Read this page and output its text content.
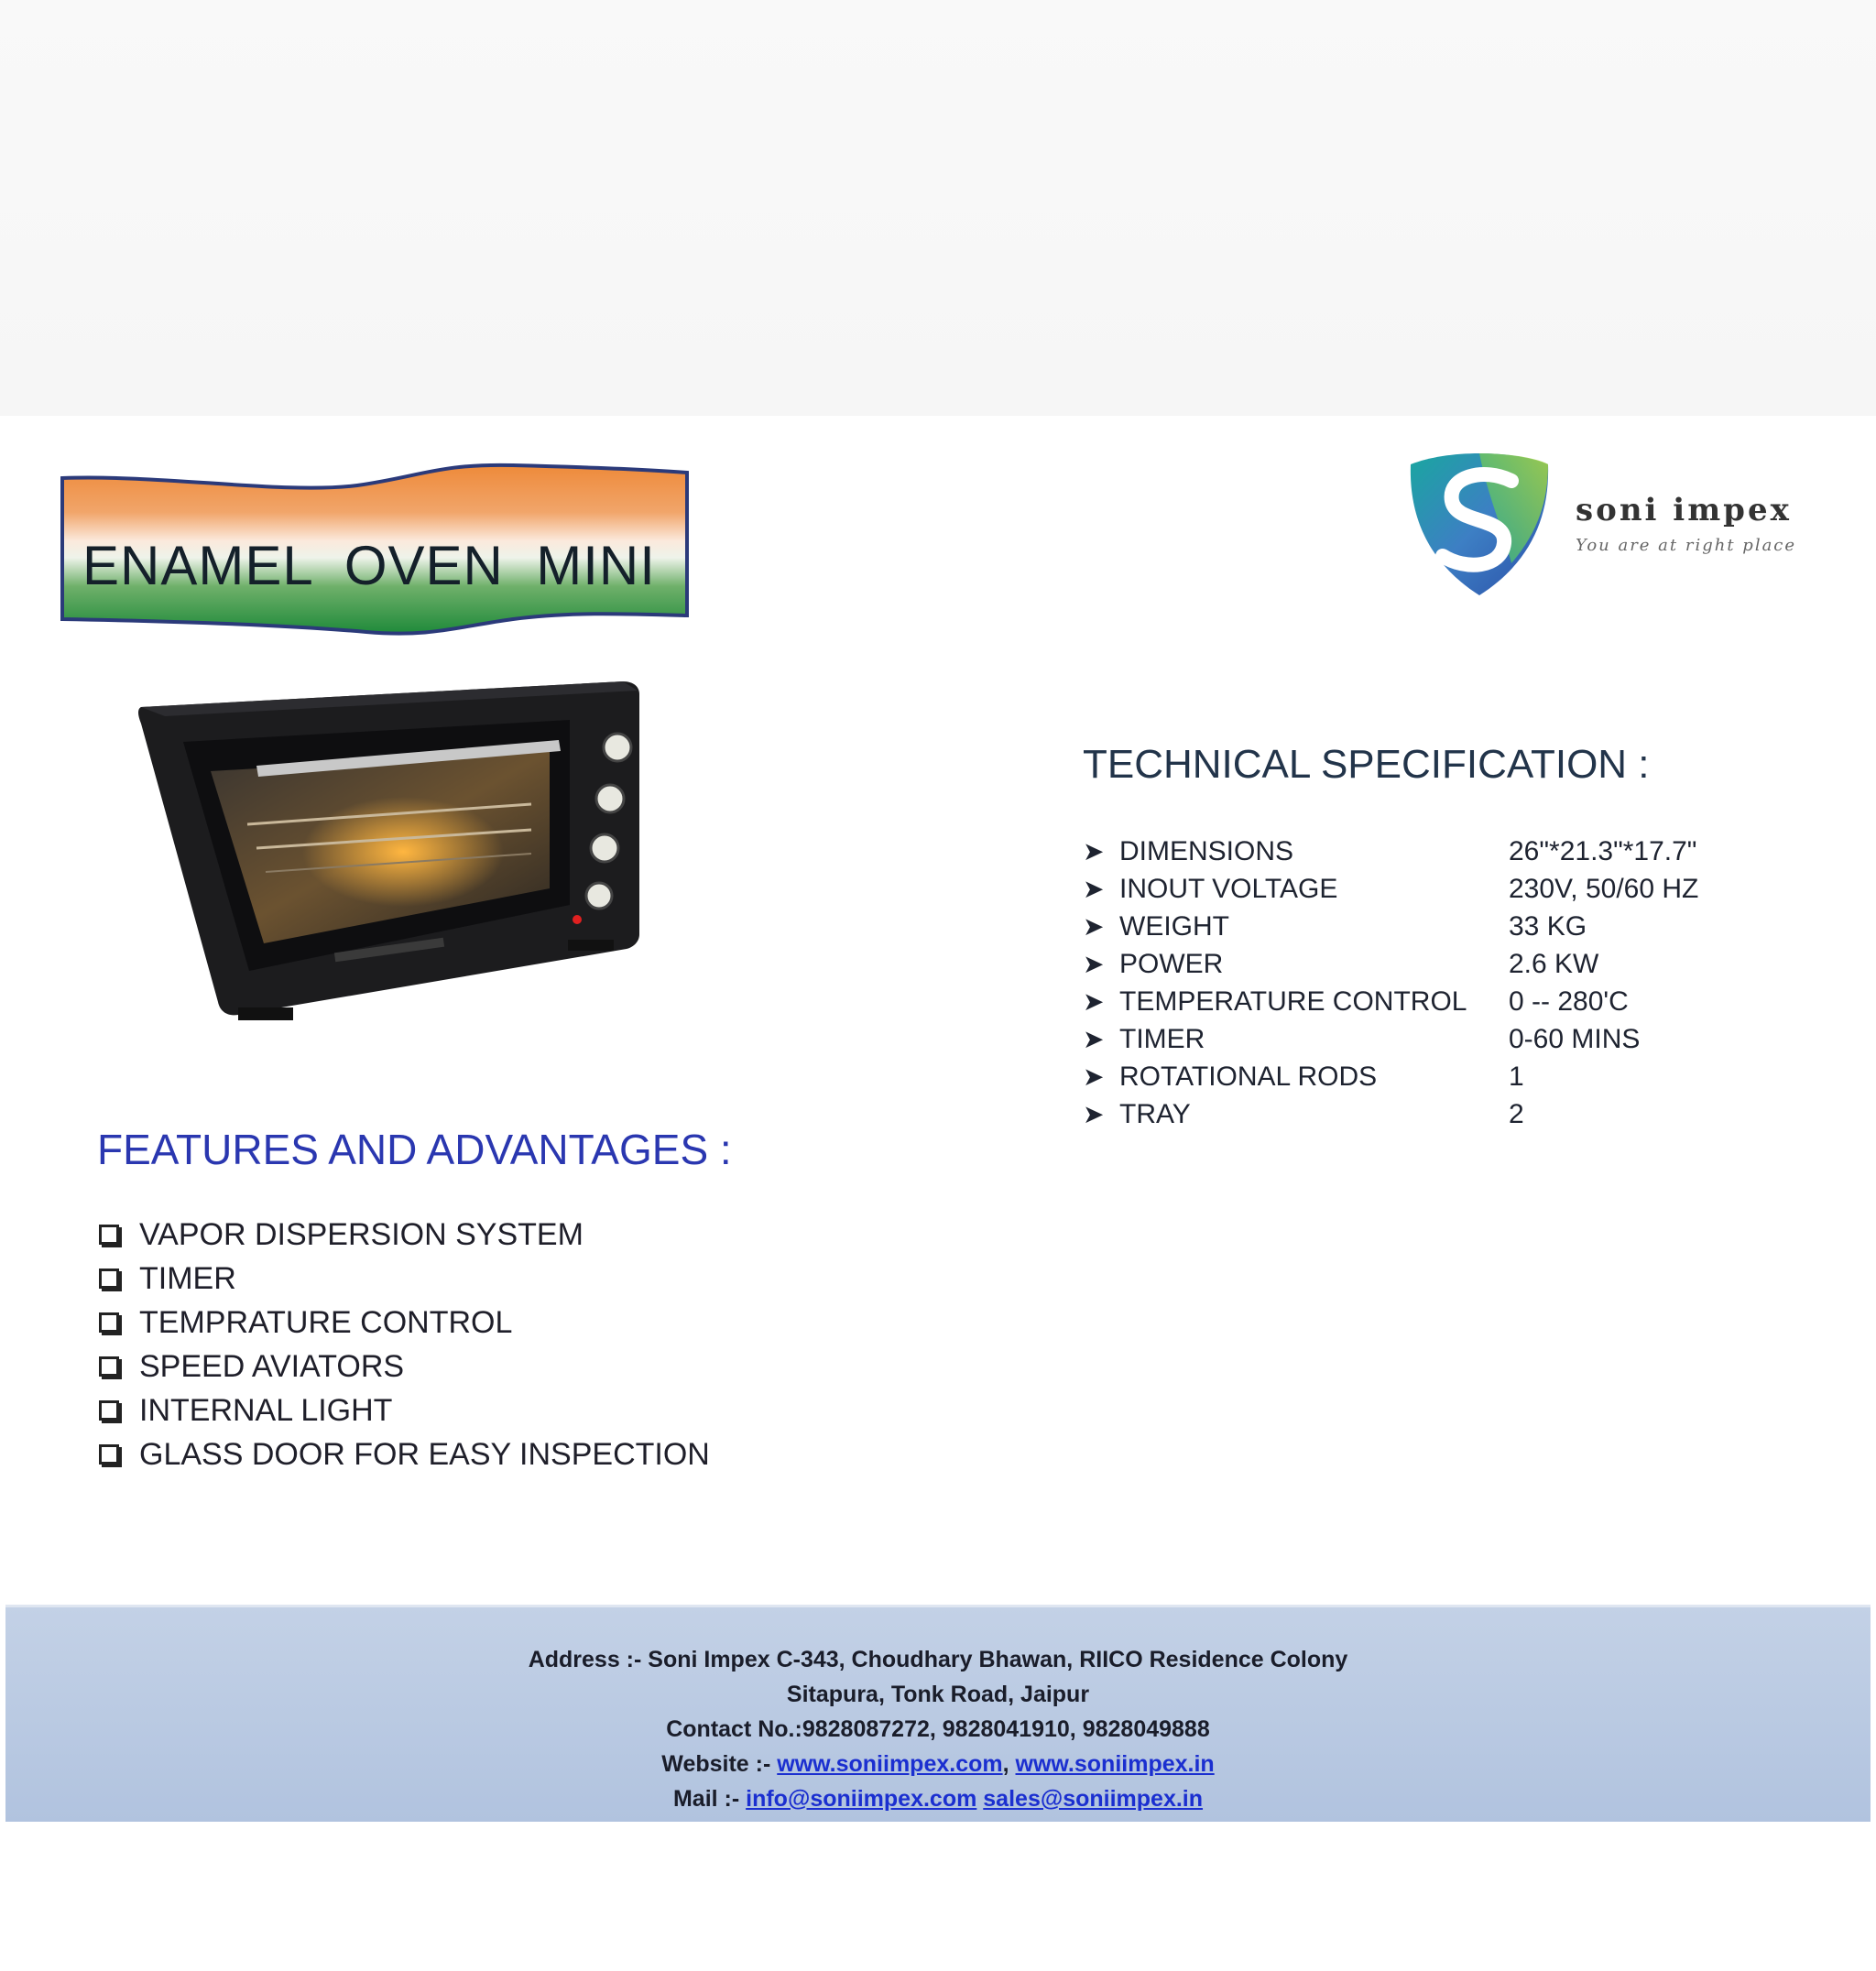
ENAMEL  OVEN  MINI
soni impex
You are at right place
FEATURES AND ADVANTAGES :
VAPOR DISPERSION SYSTEM
TIMER
TEMPRATURE CONTROL
SPEED AVIATORS
INTERNAL LIGHT
GLASS DOOR FOR EASY INSPECTION
TECHNICAL SPECIFICATION :
➤ DIMENSIONS	26"*21.3"*17.7"
➤ INOUT VOLTAGE	230V, 50/60 HZ
➤ WEIGHT	33 KG
➤ POWER	2.6 KW
➤ TEMPERATURE CONTROL 0 -- 280'C
➤ TIMER	0-60 MINS
➤ ROTATIONAL RODS	1
➤ TRAY	2
Address :- Soni Impex C-343, Choudhary Bhawan, RIICO Residence Colony
Sitapura, Tonk Road, Jaipur
Contact No.:9828087272, 9828041910, 9828049888
Website :- www.soniimpex.com, www.soniimpex.in
Mail :- info@soniimpex.com sales@soniimpex.in
